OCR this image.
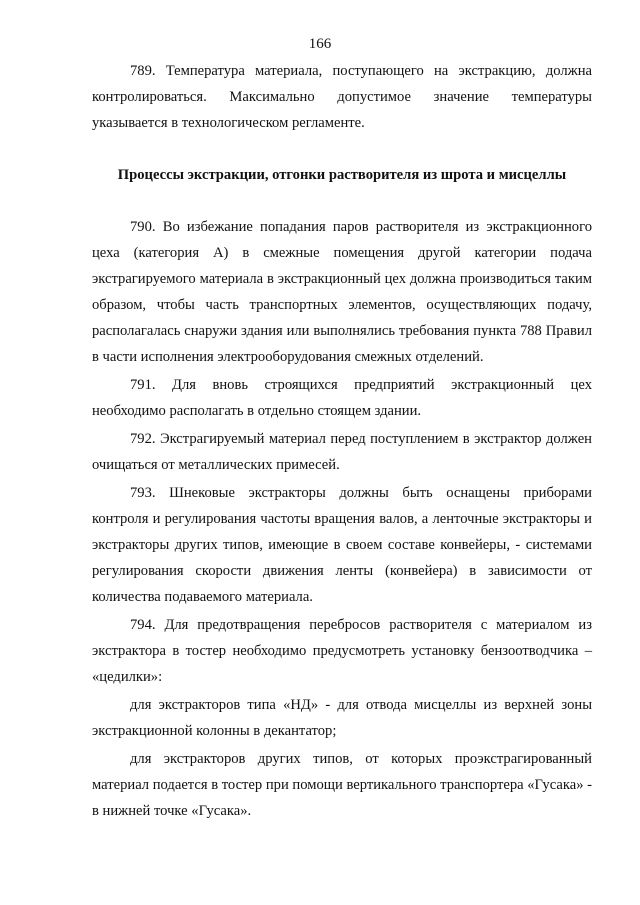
166

789. Температура материала, поступающего на экстракцию, должна контролироваться. Максимально допустимое значение температуры указывается в технологическом регламенте.

Процессы экстракции, отгонки растворителя из шрота и мисцеллы

790. Во избежание попадания паров растворителя из экстракционного цеха (категория А) в смежные помещения другой категории подача экстрагируемого материала в экстракционный цех должна производиться таким образом, чтобы часть транспортных элементов, осуществляющих подачу, располагалась снаружи здания или выполнялись требования пункта 788 Правил в части исполнения электрооборудования смежных отделений.

791. Для вновь строящихся предприятий экстракционный цех необходимо располагать в отдельно стоящем здании.

792. Экстрагируемый материал перед поступлением в экстрактор должен очищаться от металлических примесей.

793. Шнековые экстракторы должны быть оснащены приборами контроля и регулирования частоты вращения валов, а ленточные экстракторы и экстракторы других типов, имеющие в своем составе конвейеры, - системами регулирования скорости движения ленты (конвейера) в зависимости от количества подаваемого материала.

794. Для предотвращения перебросов растворителя с материалом из экстрактора в тостер необходимо предусмотреть установку бензоотводчика – «цедилки»:

для экстракторов типа «НД» - для отвода мисцеллы из верхней зоны экстракционной колонны в декантатор;

для экстракторов других типов, от которых проэкстрагированный материал подается в тостер при помощи вертикального транспортера «Гусака» - в нижней точке «Гусака».
